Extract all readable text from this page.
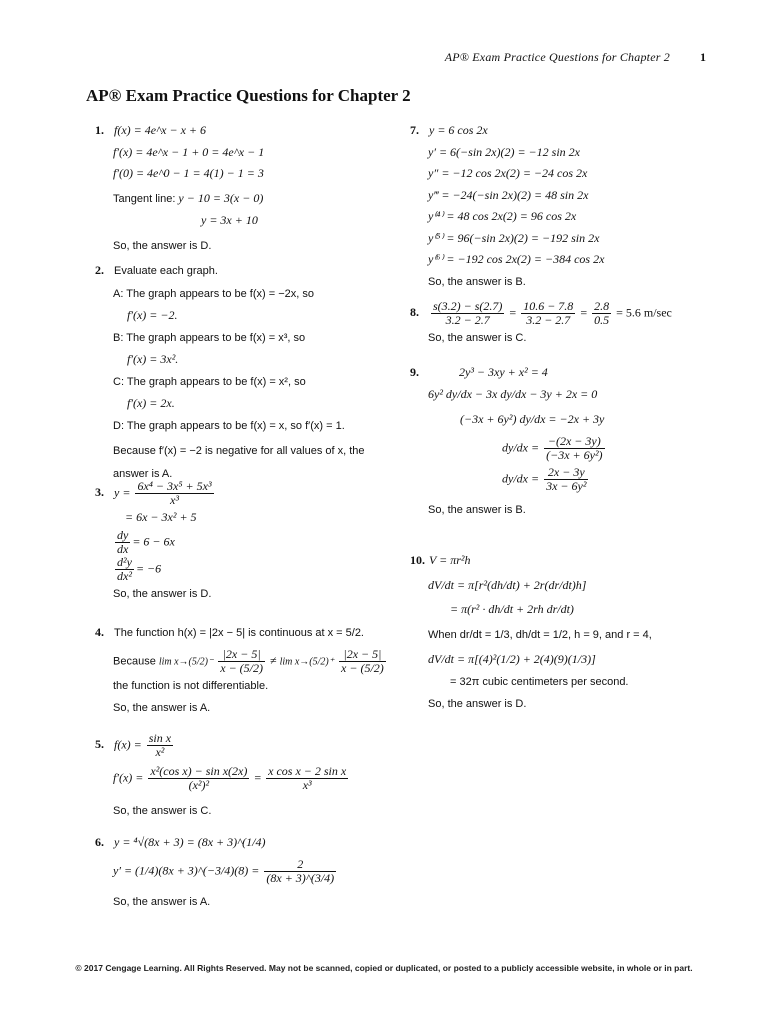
AP® Exam Practice Questions for Chapter 2	1
AP® Exam Practice Questions for Chapter 2
1. f(x) = 4e^x − x + 6
f′(x) = 4e^x − 1 + 0 = 4e^x − 1
f′(0) = 4e^0 − 1 = 4(1) − 1 = 3
Tangent line: y − 10 = 3(x − 0)
y = 3x + 10
So, the answer is D.
2. Evaluate each graph.
A: The graph appears to be f(x) = −2x, so
f′(x) = −2.
B: The graph appears to be f(x) = x³, so
f′(x) = 3x².
C: The graph appears to be f(x) = x², so
f′(x) = 2x.
D: The graph appears to be f(x) = x, so f′(x) = 1.
Because f′(x) = −2 is negative for all values of x, the
answer is A.
3. $y = \frac{\text{6x⁴ − 3x⁵ + 5x³}}{\text{x³}}$
= 6x − 3x² + 5
$\frac{dy}{dx} = 6 - 6x$
$\frac{\text{d²y}}{\text{dx²}} = -6$
So, the answer is D.
4. The function h(x) = |2x − 5| is continuous at x = 5/2.
Because $\lim x\to(5/2)^- \frac{|2x - 5|}{x - (5/2)} \ne \lim x\to(5/2)^+ \frac{|2x - 5|}{x - (5/2)}$
the function is not differentiable.
So, the answer is A.
5. $f(x) = \frac{\text{sin x}}{\text{x²}}$
$f'(x) = \frac{\text{x²(cos x) − sin x(2x)}}{\text{(x²)²}} = \frac{\text{x cos x − 2 sin x}}{\text{x³}}$
So, the answer is C.
6. y = ⁴√(8x + 3) = (8x + 3)^(1/4)
y′ = (1/4)(8x + 3)^(−3/4)(8) = $\frac{2}{(8x + 3)\^{}(3/4)}$
So, the answer is A.
7. y = 6 cos 2x
y′ = 6(−sin 2x)(2) = −12 sin 2x
y″ = −12 cos 2x(2) = −24 cos 2x
y‴ = −24(−sin 2x)(2) = 48 sin 2x
y⁽⁴⁾ = 48 cos 2x(2) = 96 cos 2x
y⁽⁵⁾ = 96(−sin 2x)(2) = −192 sin 2x
y⁽⁶⁾ = −192 cos 2x(2) = −384 cos 2x
So, the answer is B.
8. $\frac{s(3.2) - s(2.7)}{3.2 - 2.7} = \frac{10.6 - 7.8}{3.2 - 2.7} = \frac{2.8}{0.5} = 5.6$ m/sec
So, the answer is C.
9.	2y³ − 3xy + x² = 4
6y² dy/dx − 3x dy/dx − 3y + 2x = 0
(−3x + 6y²) dy/dx = −2x + 3y
$dy/dx = \frac{-(2x - 3y)}{\text{(−3x + 6y²)}}$
$dy/dx = \frac{2x - 3y}{\text{3x − 6y²}}$
So, the answer is B.
10. V = πr²h
dV/dt = π[r²(dh/dt) + 2r(dr/dt)h]
= π(r² · dh/dt + 2rh dr/dt)
When dr/dt = 1/3, dh/dt = 1/2, h = 9, and r = 4,
dV/dt = π[(4)²(1/2) + 2(4)(9)(1/3)]
= 32π cubic centimeters per second.
So, the answer is D.
© 2017 Cengage Learning. All Rights Reserved. May not be scanned, copied or duplicated, or posted to a publicly accessible website, in whole or in part.
